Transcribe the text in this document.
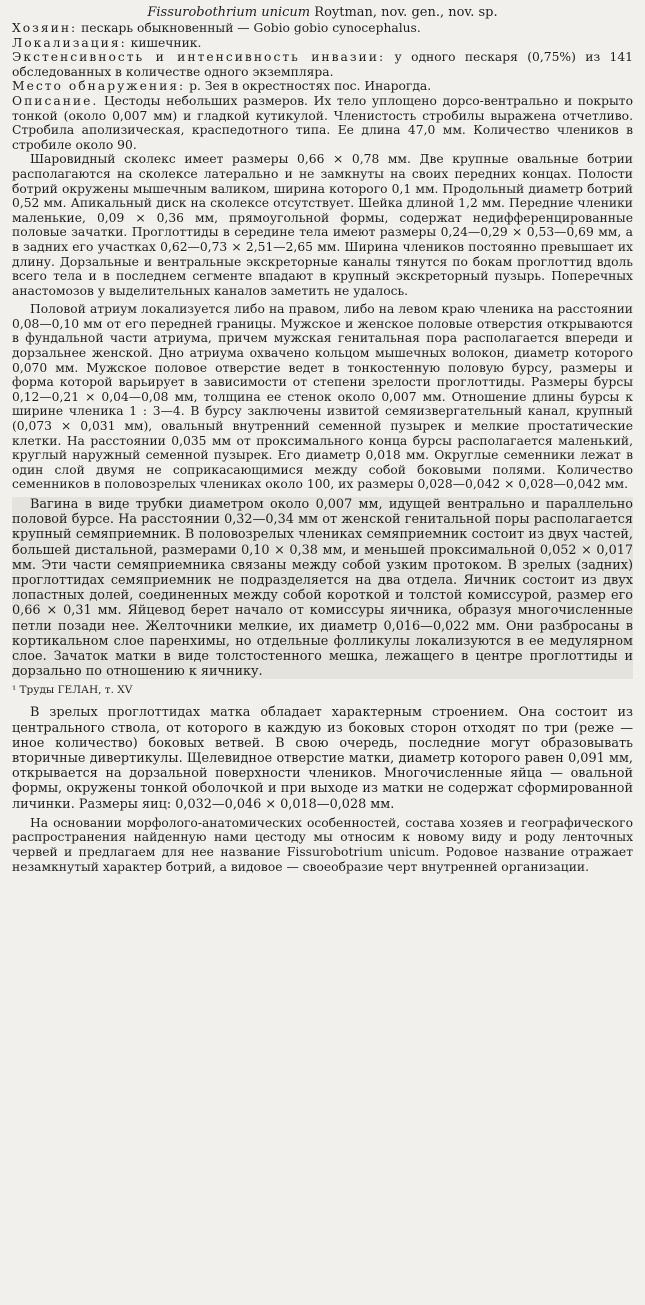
Fissurobothrium unicum Roytman, nov. gen., nov. sp.

Хозяин: пескарь обыкновенный — Gobio gobio cynocephalus.

Локализация: кишечник.

Экстенсивность и интенсивность инвазии: у одного пескаря (0,75%) из 141 обследованных в количестве одного экземпляра.

Место обнаружения: р. Зея в окрестностях пос. Инарогда.

Описание. Цестоды небольших размеров. Их тело уплощено дорсо-вентрально и покрыто тонкой (около 0,007 мм) и гладкой кутикулой. Членистость стробилы выражена отчетливо. Стробила аполизическая, краспедотного типа. Ее длина 47,0 мм. Количество члеников в стробиле около 90.

Шаровидный сколекс имеет размеры 0,66 × 0,78 мм. Две крупные овальные ботрии располагаются на сколексе латерально и не замкнуты на своих передних концах. Полости ботрий окружены мышечным валиком, ширина которого 0,1 мм. Продольный диаметр ботрий 0,52 мм. Апикальный диск на сколексе отсутствует. Шейка длиной 1,2 мм. Передние членики маленькие, 0,09 × 0,36 мм, прямоугольной формы, содержат недифференцированные половые зачатки. Проглоттиды в середине тела имеют размеры 0,24—0,29 × 0,53—0,69 мм, а в задних его участках 0,62—0,73 × 2,51—2,65 мм. Ширина члеников постоянно превышает их длину. Дорзальные и вентральные экскреторные каналы тянутся по бокам проглоттид вдоль всего тела и в последнем сегменте впадают в крупный экскреторный пузырь. Поперечных анастомозов у выделительных каналов заметить не удалось.

Половой атриум локализуется либо на правом, либо на левом краю членика на расстоянии 0,08—0,10 мм от его передней границы. Мужское и женское половые отверстия открываются в фундальной части атриума, причем мужская генитальная пора располагается впереди и дорзальнее женской. Дно атриума охвачено кольцом мышечных волокон, диаметр которого 0,070 мм. Мужское половое отверстие ведет в тонкостенную половую бурсу, размеры и форма которой варьирует в зависимости от степени зрелости проглоттиды. Размеры бурсы 0,12—0,21 × 0,04—0,08 мм, толщина ее стенок около 0,007 мм. Отношение длины бурсы к ширине членика 1 : 3—4. В бурсу заключены извитой семяизвергательный канал, крупный (0,073 × 0,031 мм), овальный внутренний семенной пузырек и мелкие простатические клетки. На расстоянии 0,035 мм от проксимального конца бурсы располагается маленький, круглый наружный семенной пузырек. Его диаметр 0,018 мм. Округлые семенники лежат в один слой двумя не соприкасающимися между собой боковыми полями. Количество семенников в половозрелых члениках около 100, их размеры 0,028—0,042 × 0,028—0,042 мм.

Вагина в виде трубки диаметром около 0,007 мм, идущей вентрально и параллельно половой бурсе. На расстоянии 0,32—0,34 мм от женской генитальной поры располагается крупный семяприемник. В половозрелых члениках семяприемник состоит из двух частей, большей дистальной, размерами 0,10 × 0,38 мм, и меньшей проксимальной 0,052 × 0,017 мм. Эти части семяприемника связаны между собой узким протоком. В зрелых (задних) проглоттидах семяприемник не подразделяется на два отдела. Яичник состоит из двух лопастных долей, соединенных между собой короткой и толстой комиссурой, размер его 0,66 × 0,31 мм. Яйцевод берет начало от комиссуры яичника, образуя многочисленные петли позади нее. Желточники мелкие, их диаметр 0,016—0,022 мм. Они разбросаны в кортикальном слое паренхимы, но отдельные фолликулы локализуются в ее медулярном слое. Зачаток матки в виде толстостенного мешка, лежащего в центре проглоттиды и дорзально по отношению к яичнику.

¹ Труды ГЕЛАН, т. XV

В зрелых проглоттидах матка обладает характерным строением. Она состоит из центрального ствола, от которого в каждую из боковых сторон отходят по три (реже — иное количество) боковых ветвей. В свою очередь, последние могут образовывать вторичные дивертикулы. Щелевидное отверстие матки, диаметр которого равен 0,091 мм, открывается на дорзальной поверхности члеников. Многочисленные яйца — овальной формы, окружены тонкой оболочкой и при выходе из матки не содержат сформированной личинки. Размеры яиц: 0,032—0,046 × 0,018—0,028 мм.

На основании морфолого-анатомических особенностей, состава хозяев и географического распространения найденную нами цестоду мы относим к новому виду и роду ленточных червей и предлагаем для нее название Fissurobotrium unicum. Родовое название отражает незамкнутый характер ботрий, а видовое — своеобразие черт внутренней организации.
